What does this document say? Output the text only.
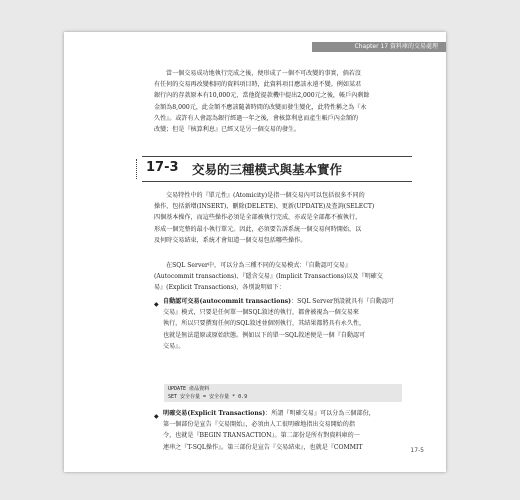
Chapter 17 資料庫的交易處理

當一個交易成功地執行完成之後，便形成了一個不可改變的事實，倘若沒

有任何的交易再改變相同的資料項目時，此資料項目應該永遠不變。例如某君

銀行內的存款原本有10,000元，當他從提款機中提出2,000元之後，帳戶內剩餘

金額為8,000元，此金額不應該隨著時間的改變而發生變化，此特性稱之為『永

久性』。或許有人會認為銀行經過一年之後，會核算利息而產生帳戶內金額的

改變；但是『核算利息』已經又是另一個交易的發生。

17-3 交易的三種模式與基本實作

交易特性中的『單元性』(Atomicity)是指一個交易內可以包括很多不同的

操作，包括新增(INSERT)、刪除(DELETE)、更新(UPDATE)及查詢(SELECT)

四個基本操作，而這些操作必須是全部被執行完成，亦或是全部都不被執行，

形成一個完整的最小執行單元。因此，必須要告訴系統一個交易何時開始，以

及何時交易結束，系統才會知道一個交易包括哪些操作。

在SQL Server中，可以分為三種不同的交易模式：『自動認可交易』

(Autocommit transactions)、『隱含交易』(Implicit Transactions)以及『明確交

易』(Explicit Transactions)，各別說明如下：

◆ 自動認可交易(autocommit transactions)：SQL Server預設就具有『自動認可
交易』模式，只要是任何單一個SQL敘述的執行，都會被視為一個交易來
執行，所以只要撰寫任何的SQL敘述並個別執行，其結果都將具有永久性，
也就是無法還原或原始狀態。例如以下的單一SQL敘述便是一個『自動認可
交易』。
UPDATE 產品資料
SET 安全存量 = 安全存量 * 0.9
◆ 明確交易(Explicit Transactions)：所謂『明確交易』可以分為三個部份，
第一個部份是宣告『交易開始』，必須由人工很明確地指出交易開始的指
令，也就是『BEGIN TRANSACTION』。第二部份是所有對資料庫的一
連串之『T-SQL操作』。第三部份是宣告『交易結束』，也就是『COMMIT	17-5
